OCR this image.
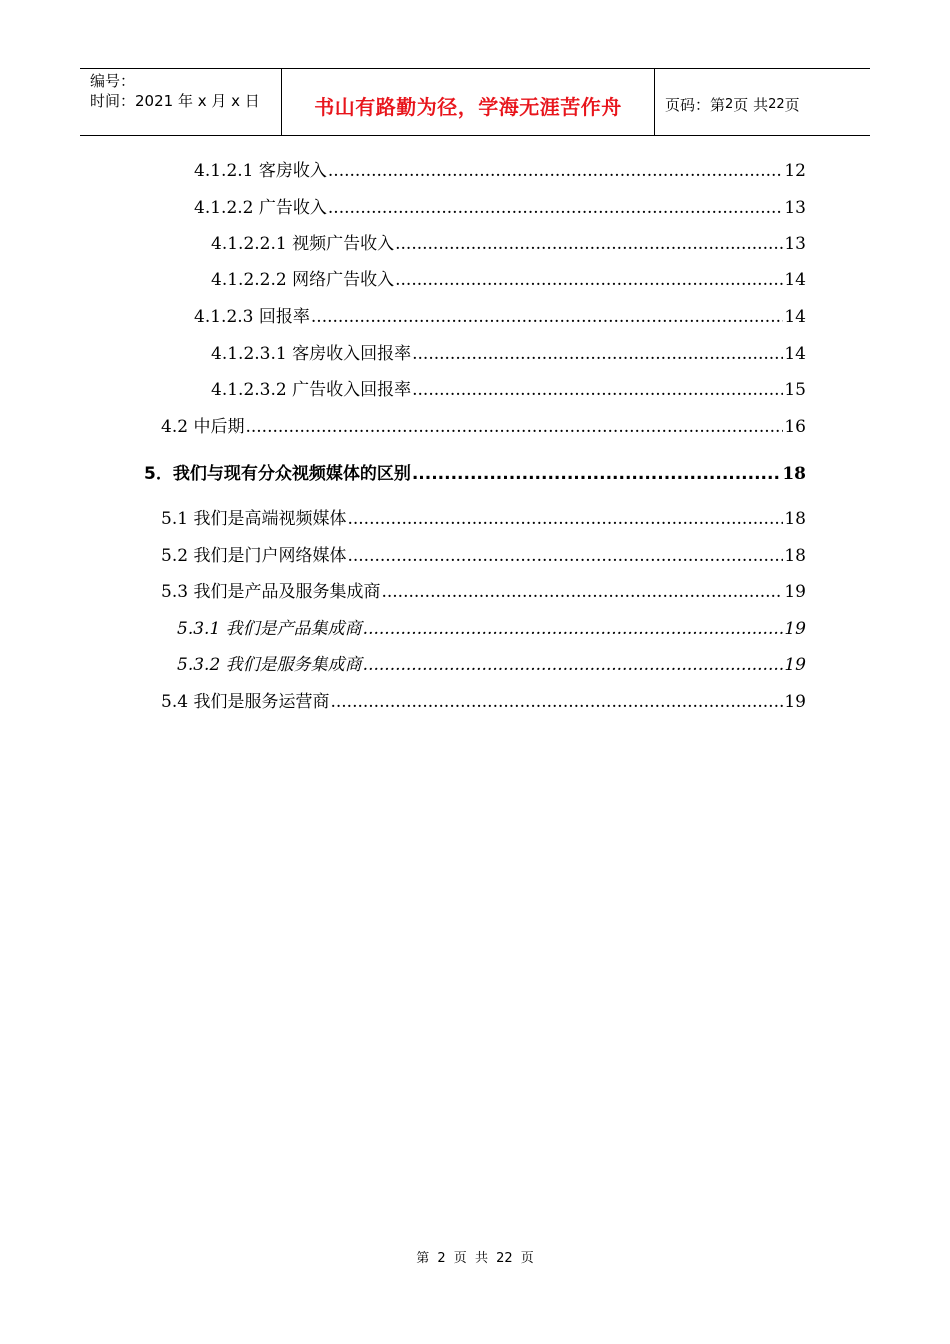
编号：
时间：2021 年 x 月 x 日	书山有路勤为径，学海无涯苦作舟	页码：第 2 页 共 22 页
4.1.2.1 客房收入 .....	12
4.1.2.2 广告收入 .....	13
4.1.2.2.1 视频广告收入 .....	13
4.1.2.2.2 网络广告收入 .....	14
4.1.2.3 回报率 .....	14
4.1.2.3.1 客房收入回报率 .....	14
4.1.2.3.2 广告收入回报率 .....	15
4.2 中后期 .....	16
5．我们与现有分众视频媒体的区别 .....	18
5.1 我们是高端视频媒体 .....	18
5.2 我们是门户网络媒体 .....	18
5.3 我们是产品及服务集成商 .....	19
5.3.1 我们是产品集成商 .....	19
5.3.2 我们是服务集成商 .....	19
5.4 我们是服务运营商 .....	19
第 2 页 共 22 页
